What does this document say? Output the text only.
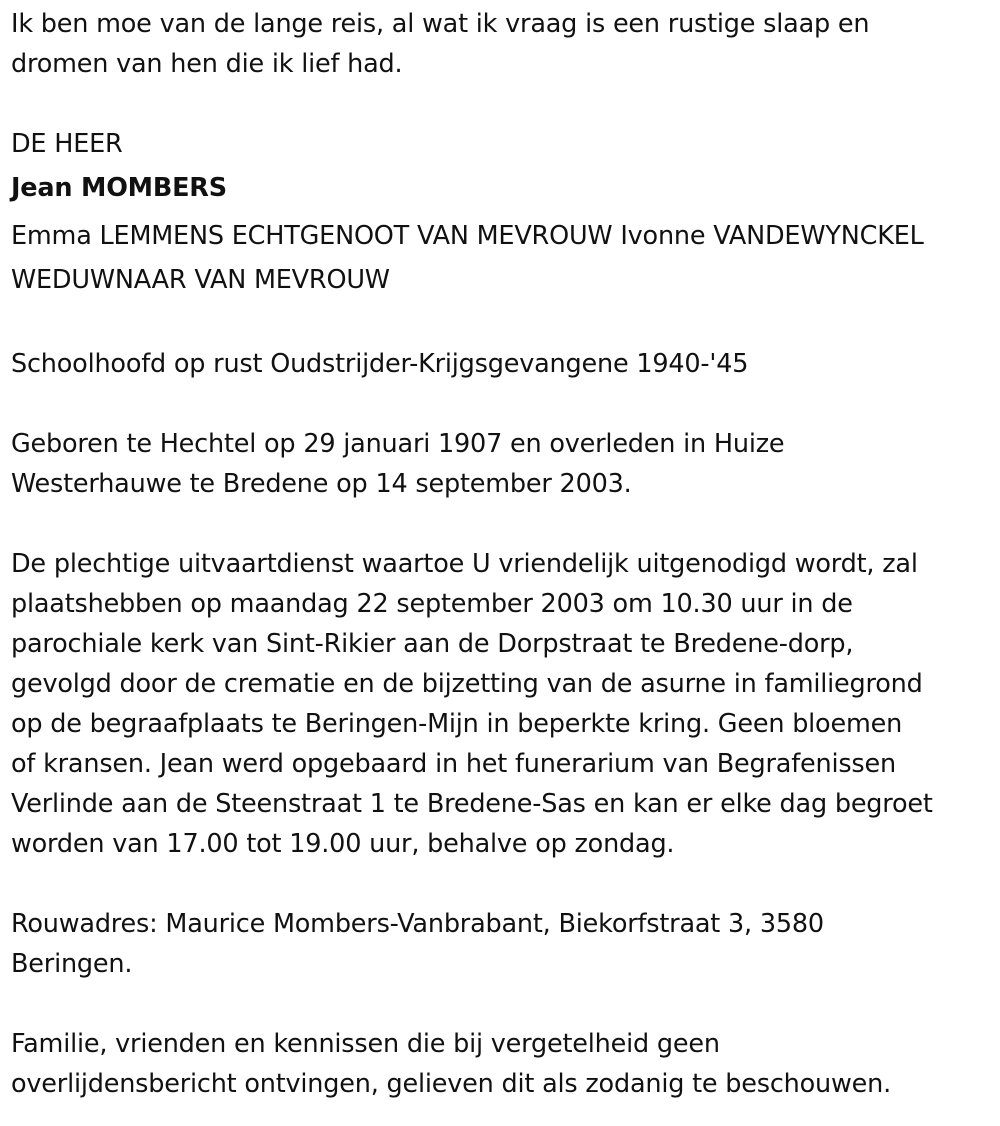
Ik ben moe van de lange reis, al wat ik vraag is een rustige slaap en

dromen van hen die ik lief had.

DE HEER

Jean MOMBERS

Emma LEMMENS ECHTGENOOT VAN MEVROUW Ivonne VANDEWYNCKEL

WEDUWNAAR VAN MEVROUW

Schoolhoofd op rust Oudstrijder-Krijgsgevangene 1940-'45

Geboren te Hechtel op 29 januari 1907 en overleden in Huize

Westerhauwe te Bredene op 14 september 2003.

De plechtige uitvaartdienst waartoe U vriendelijk uitgenodigd wordt, zal

plaatshebben op maandag 22 september 2003 om 10.30 uur in de

parochiale kerk van Sint-Rikier aan de Dorpstraat te Bredene-dorp,

gevolgd door de crematie en de bijzetting van de asurne in familiegrond

op de begraafplaats te Beringen-Mijn in beperkte kring. Geen bloemen

of kransen. Jean werd opgebaard in het funerarium van Begrafenissen

Verlinde aan de Steenstraat 1 te Bredene-Sas en kan er elke dag begroet

worden van 17.00 tot 19.00 uur, behalve op zondag.

Rouwadres: Maurice Mombers-Vanbrabant, Biekorfstraat 3, 3580

Beringen.

Familie, vrienden en kennissen die bij vergetelheid geen

overlijdensbericht ontvingen, gelieven dit als zodanig te beschouwen.
